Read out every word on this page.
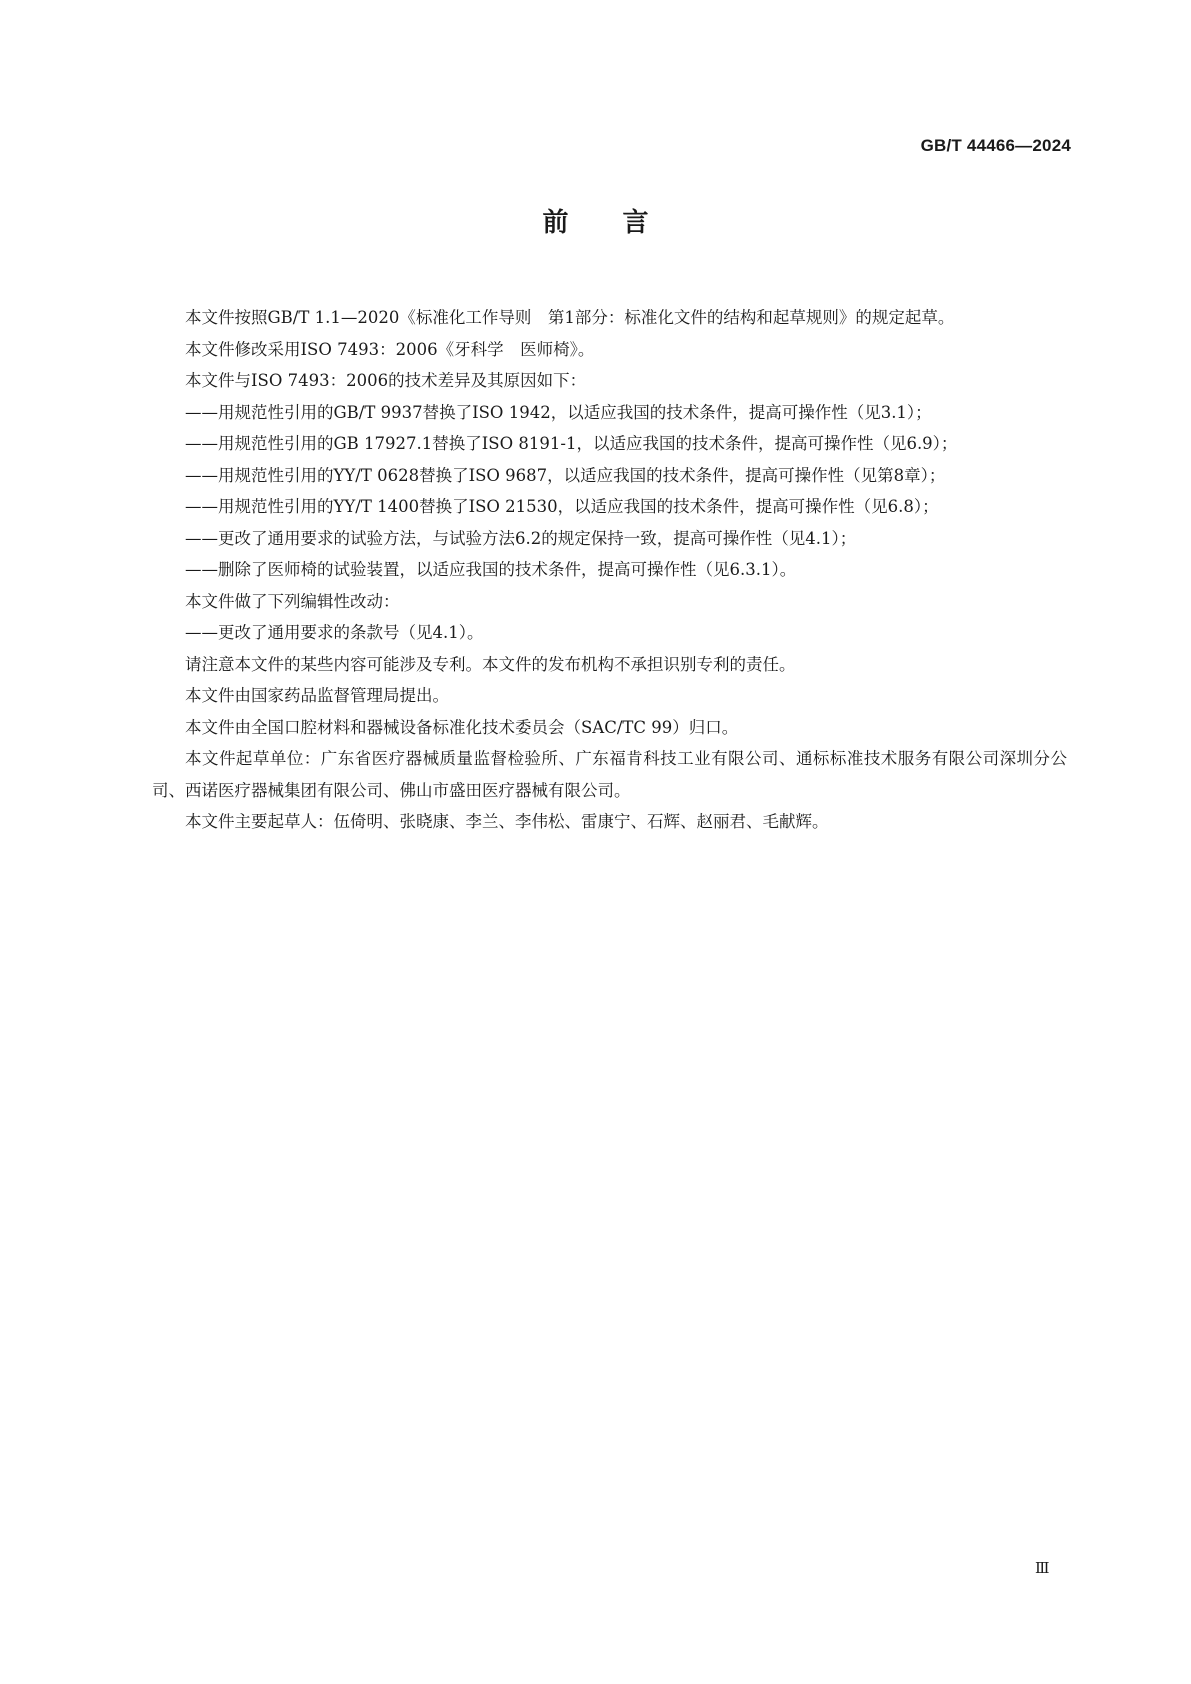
GB/T 44466—2024
前言

本文件按照GB/T 1.1—2020《标准化工作导则　第1部分：标准化文件的结构和起草规则》的规定起草。

本文件修改采用ISO 7493：2006《牙科学　医师椅》。

本文件与ISO 7493：2006的技术差异及其原因如下：

——用规范性引用的GB/T 9937替换了ISO 1942，以适应我国的技术条件，提高可操作性（见3.1）；

——用规范性引用的GB 17927.1替换了ISO 8191-1，以适应我国的技术条件，提高可操作性（见6.9）；

——用规范性引用的YY/T 0628替换了ISO 9687，以适应我国的技术条件，提高可操作性（见第8章）；

——用规范性引用的YY/T 1400替换了ISO 21530，以适应我国的技术条件，提高可操作性（见6.8）；

——更改了通用要求的试验方法，与试验方法6.2的规定保持一致，提高可操作性（见4.1）；

——删除了医师椅的试验装置，以适应我国的技术条件，提高可操作性（见6.3.1）。

本文件做了下列编辑性改动：

——更改了通用要求的条款号（见4.1）。

请注意本文件的某些内容可能涉及专利。本文件的发布机构不承担识别专利的责任。

本文件由国家药品监督管理局提出。

本文件由全国口腔材料和器械设备标准化技术委员会（SAC/TC 99）归口。

本文件起草单位：广东省医疗器械质量监督检验所、广东福肯科技工业有限公司、通标标准技术服务有限公司深圳分公司、西诺医疗器械集团有限公司、佛山市盛田医疗器械有限公司。

本文件主要起草人：伍倚明、张晓康、李兰、李伟松、雷康宁、石辉、赵丽君、毛献辉。

Ⅲ
